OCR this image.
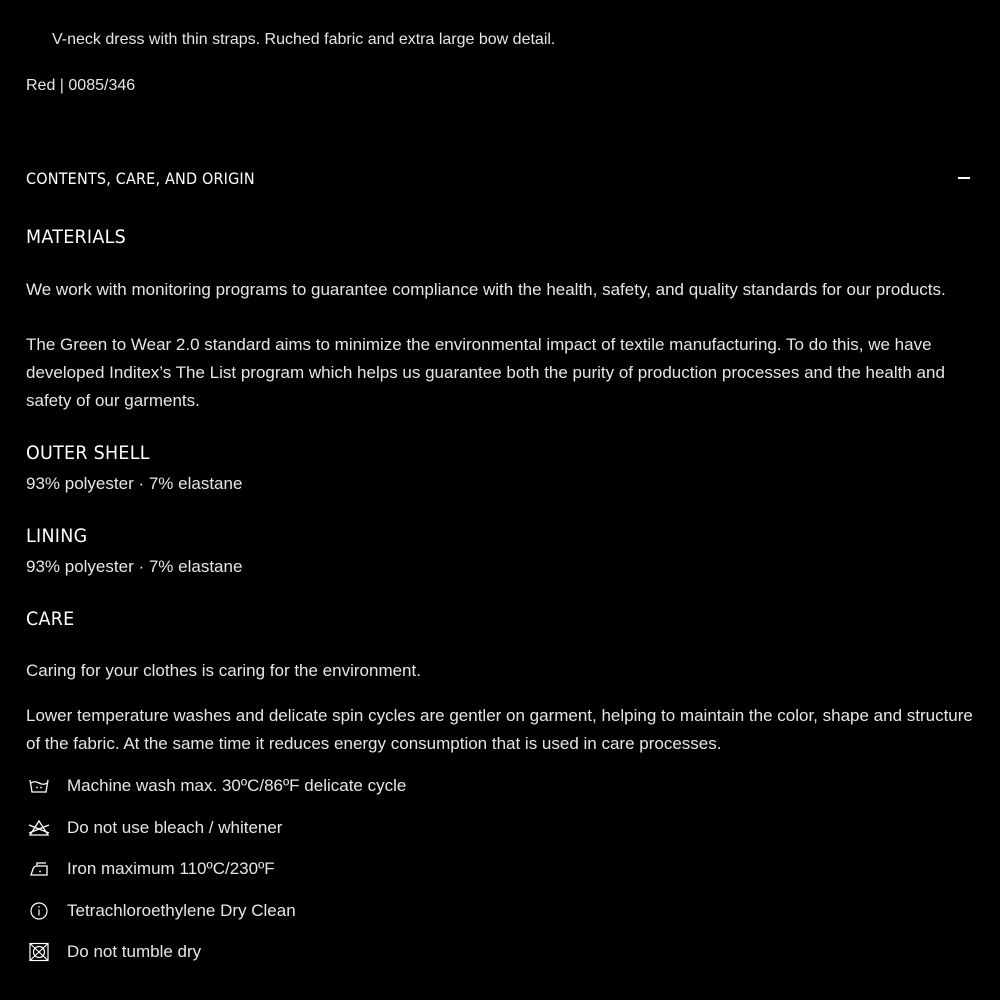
V-neck dress with thin straps. Ruched fabric and extra large bow detail.
Red | 0085/346
CONTENTS, CARE, AND ORIGIN
MATERIALS
We work with monitoring programs to guarantee compliance with the health, safety, and quality standards for our products.
The Green to Wear 2.0 standard aims to minimize the environmental impact of textile manufacturing. To do this, we have developed Inditex’s The List program which helps us guarantee both the purity of production processes and the health and safety of our garments.
OUTER SHELL
93% polyester · 7% elastane
LINING
93% polyester · 7% elastane
CARE
Caring for your clothes is caring for the environment.
Lower temperature washes and delicate spin cycles are gentler on garment, helping to maintain the color, shape and structure of the fabric. At the same time it reduces energy consumption that is used in care processes.
Machine wash max. 30ºC/86ºF delicate cycle
Do not use bleach / whitener
Iron maximum 110ºC/230ºF
Tetrachloroethylene Dry Clean
Do not tumble dry
